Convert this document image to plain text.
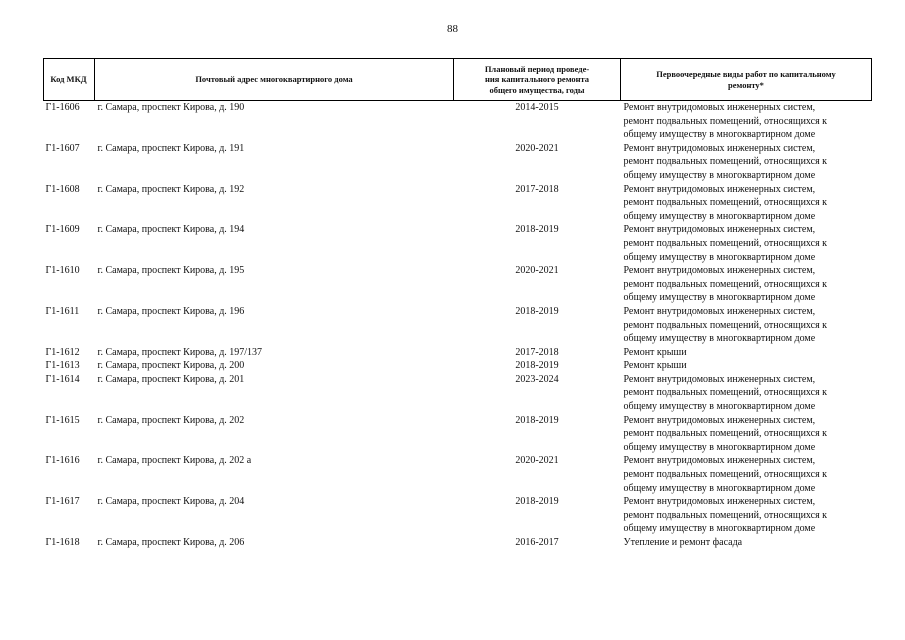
88
Код МКД	Почтовый адрес многоквартирного дома	Плановый период проведе-
ния капитального ремонта
общего имущества, годы	Первоочередные виды работ по капитальному
ремонту*

Г1-1606	г. Самара, проспект Кирова, д. 190	2014-2015	Ремонт внутридомовых инженерных систем,
ремонт подвальных помещений, относящихся к
общему имуществу в многоквартирном доме

Г1-1607	г. Самара, проспект Кирова, д. 191	2020-2021	Ремонт внутридомовых инженерных систем,
ремонт подвальных помещений, относящихся к
общему имуществу в многоквартирном доме

Г1-1608	г. Самара, проспект Кирова, д. 192	2017-2018	Ремонт внутридомовых инженерных систем,
ремонт подвальных помещений, относящихся к
общему имуществу в многоквартирном доме

Г1-1609	г. Самара, проспект Кирова, д. 194	2018-2019	Ремонт внутридомовых инженерных систем,
ремонт подвальных помещений, относящихся к
общему имуществу в многоквартирном доме

Г1-1610	г. Самара, проспект Кирова, д. 195	2020-2021	Ремонт внутридомовых инженерных систем,
ремонт подвальных помещений, относящихся к
общему имуществу в многоквартирном доме

Г1-1611	г. Самара, проспект Кирова, д. 196	2018-2019	Ремонт внутридомовых инженерных систем,
ремонт подвальных помещений, относящихся к
общему имуществу в многоквартирном доме

Г1-1612	г. Самара, проспект Кирова, д. 197/137	2017-2018	Ремонт крыши

Г1-1613	г. Самара, проспект Кирова, д. 200	2018-2019	Ремонт крыши

Г1-1614	г. Самара, проспект Кирова, д. 201	2023-2024	Ремонт внутридомовых инженерных систем,
ремонт подвальных помещений, относящихся к
общему имуществу в многоквартирном доме

Г1-1615	г. Самара, проспект Кирова, д. 202	2018-2019	Ремонт внутридомовых инженерных систем,
ремонт подвальных помещений, относящихся к
общему имуществу в многоквартирном доме

Г1-1616	г. Самара, проспект Кирова, д. 202 а	2020-2021	Ремонт внутридомовых инженерных систем,
ремонт подвальных помещений, относящихся к
общему имуществу в многоквартирном доме

Г1-1617	г. Самара, проспект Кирова, д. 204	2018-2019	Ремонт внутридомовых инженерных систем,
ремонт подвальных помещений, относящихся к
общему имуществу в многоквартирном доме

Г1-1618	г. Самара, проспект Кирова, д. 206	2016-2017	Утепление и ремонт фасада
